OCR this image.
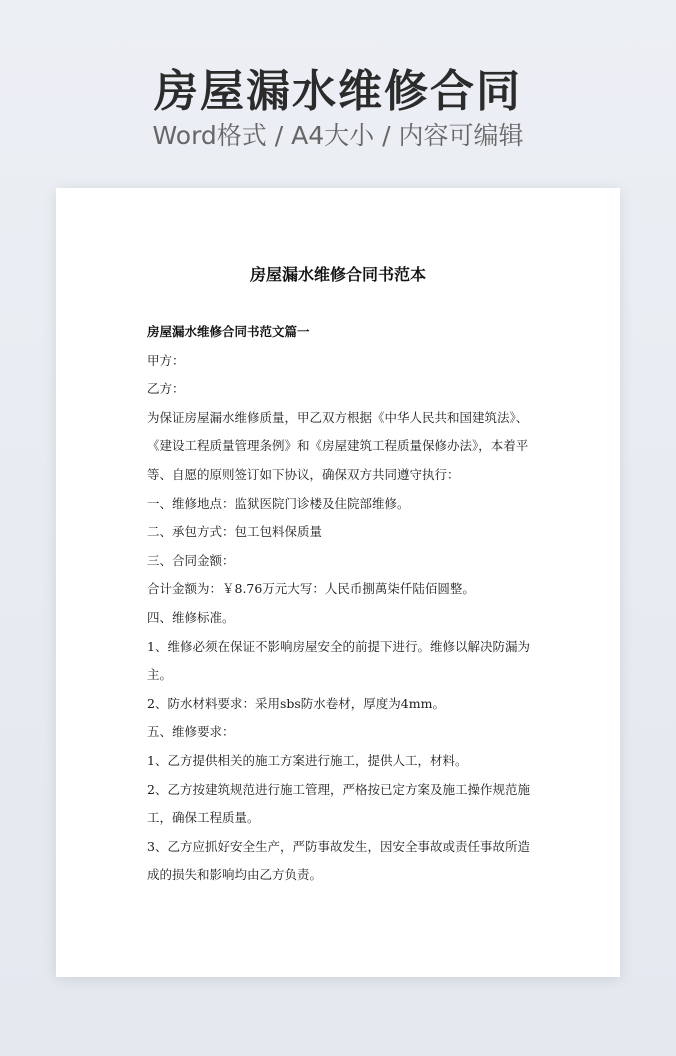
房屋漏水维修合同
Word格式 / A4大小 / 内容可编辑
房屋漏水维修合同书范本

房屋漏水维修合同书范文篇一

甲方：

乙方：

为保证房屋漏水维修质量，甲乙双方根据《中华人民共和国建筑法》、《建设工程质量管理条例》和《房屋建筑工程质量保修办法》，本着平等、自愿的原则签订如下协议，确保双方共同遵守执行：

一、维修地点：监狱医院门诊楼及住院部维修。

二、承包方式：包工包料保质量

三、合同金额：

合计金额为：￥8.76万元大写：人民币捌萬柒仟陆佰圆整。

四、维修标准。

1、维修必须在保证不影响房屋安全的前提下进行。维修以解决防漏为主。

2、防水材料要求：采用sbs防水卷材，厚度为4mm。

五、维修要求：

1、乙方提供相关的施工方案进行施工，提供人工，材料。

2、乙方按建筑规范进行施工管理，严格按已定方案及施工操作规范施工，确保工程质量。

3、乙方应抓好安全生产，严防事故发生，因安全事故或责任事故所造成的损失和影响均由乙方负责。
